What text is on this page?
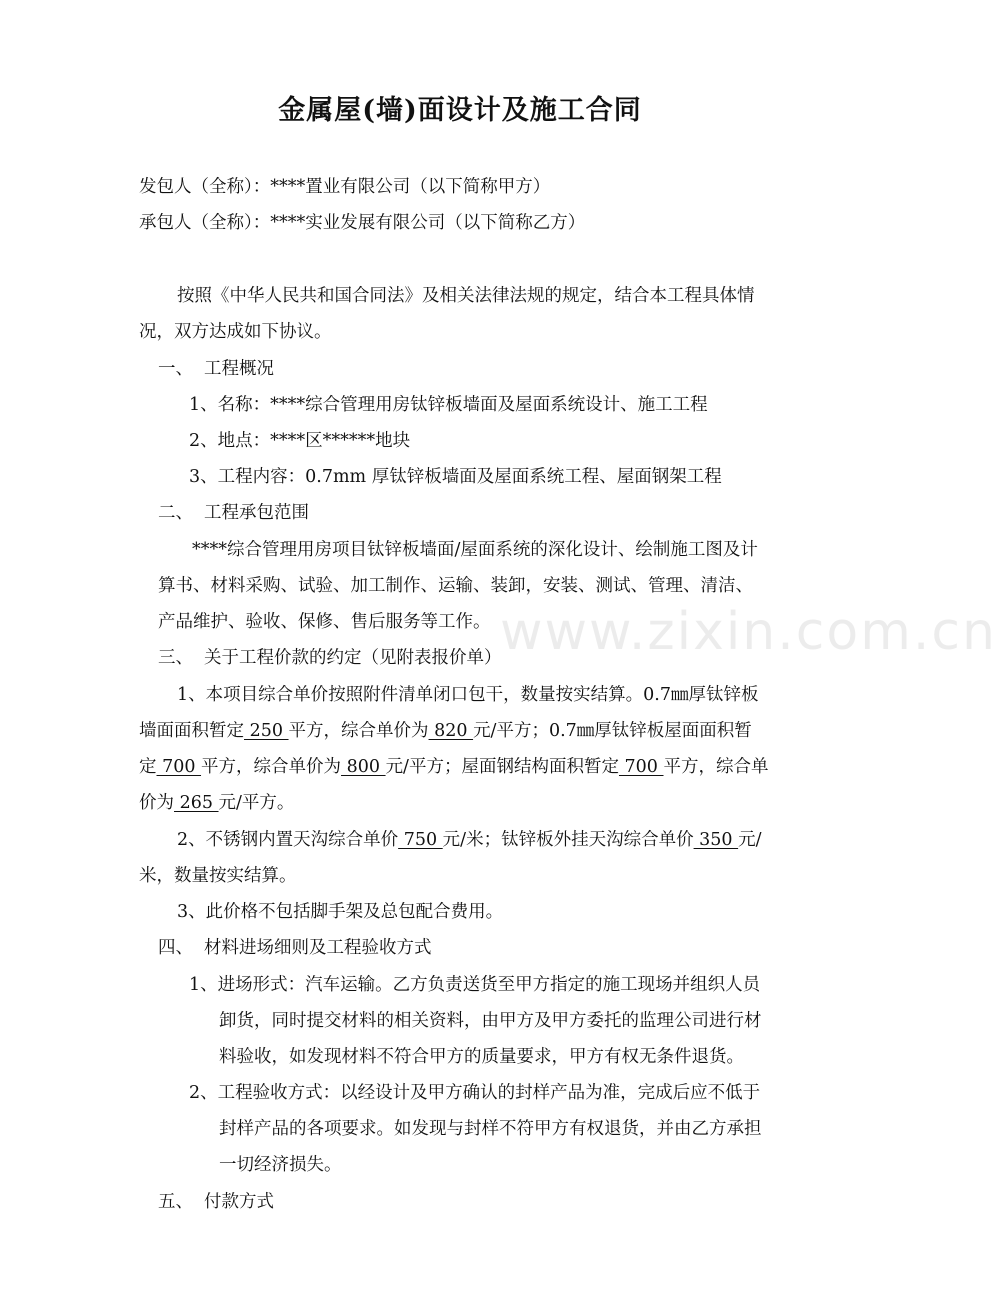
金属屋(墙)面设计及施工合同
发包人（全称）：****置业有限公司（以下简称甲方）
承包人（全称）：****实业发展有限公司（以下简称乙方）
按照《中华人民共和国合同法》及相关法律法规的规定，结合本工程具体情
况，双方达成如下协议。
一、 工程概况
1、名称：****综合管理用房钛锌板墙面及屋面系统设计、施工工程
2、地点：****区******地块
3、工程内容：0.7mm 厚钛锌板墙面及屋面系统工程、屋面钢架工程
二、 工程承包范围
****综合管理用房项目钛锌板墙面/屋面系统的深化设计、绘制施工图及计
算书、材料采购、试验、加工制作、运输、装卸，安装、测试、管理、清洁、
产品维护、验收、保修、售后服务等工作。
三、 关于工程价款的约定（见附表报价单）
1、本项目综合单价按照附件清单闭口包干，数量按实结算。0.7㎜厚钛锌板
墙面面积暂定 250 平方，综合单价为 820 元/平方；0.7㎜厚钛锌板屋面面积暂
定 700 平方，综合单价为 800 元/平方；屋面钢结构面积暂定 700 平方，综合单
价为 265 元/平方。
2、不锈钢内置天沟综合单价 750 元/米；钛锌板外挂天沟综合单价 350 元/
米，数量按实结算。
3、此价格不包括脚手架及总包配合费用。
四、 材料进场细则及工程验收方式
1、进场形式：汽车运输。乙方负责送货至甲方指定的施工现场并组织人员
卸货，同时提交材料的相关资料，由甲方及甲方委托的监理公司进行材
料验收，如发现材料不符合甲方的质量要求，甲方有权无条件退货。
2、工程验收方式：以经设计及甲方确认的封样产品为准，完成后应不低于
封样产品的各项要求。如发现与封样不符甲方有权退货，并由乙方承担
一切经济损失。
五、 付款方式
www.zixin.com.cn
